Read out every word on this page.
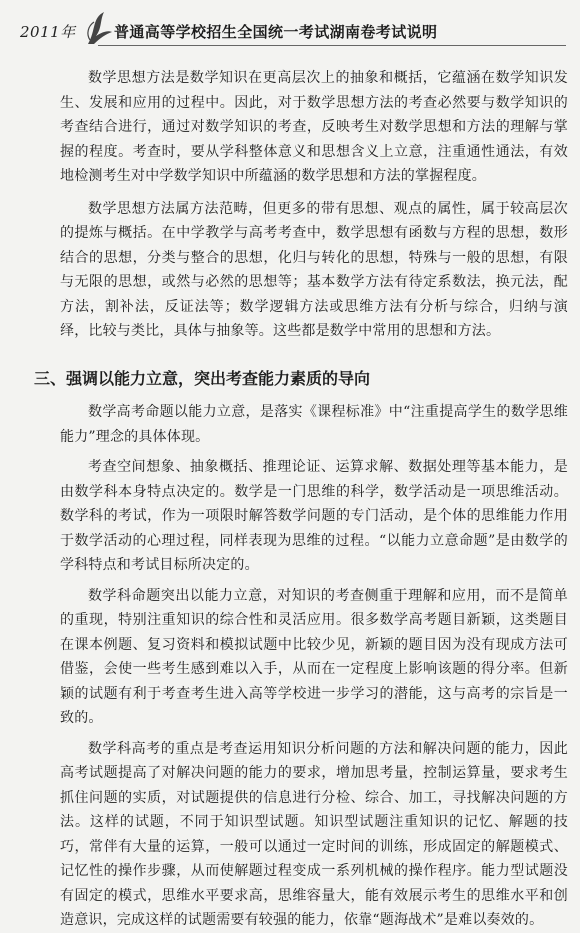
2011年	普通高等学校招生全国统一考试湖南卷考试说明

数学思想方法是数学知识在更高层次上的抽象和概括，它蕴涵在数学知识发生、发展和应用的过程中。因此，对于数学思想方法的考查必然要与数学知识的考查结合进行，通过对数学知识的考查，反映考生对数学思想和方法的理解与掌握的程度。考查时，要从学科整体意义和思想含义上立意，注重通性通法，有效地检测考生对中学数学知识中所蕴涵的数学思想和方法的掌握程度。

数学思想方法属方法范畴，但更多的带有思想、观点的属性，属于较高层次的提炼与概括。在中学教学与高考考查中，数学思想有函数与方程的思想，数形结合的思想，分类与整合的思想，化归与转化的思想，特殊与一般的思想，有限与无限的思想，或然与必然的思想等；基本数学方法有待定系数法，换元法，配方法，割补法，反证法等；数学逻辑方法或思维方法有分析与综合，归纳与演绎，比较与类比，具体与抽象等。这些都是数学中常用的思想和方法。

三、强调以能力立意，突出考查能力素质的导向

数学高考命题以能力立意，是落实《课程标准》中“注重提高学生的数学思维能力”理念的具体体现。

考查空间想象、抽象概括、推理论证、运算求解、数据处理等基本能力，是由数学科本身特点决定的。数学是一门思维的科学，数学活动是一项思维活动。数学科的考试，作为一项限时解答数学问题的专门活动，是个体的思维能力作用于数学活动的心理过程，同样表现为思维的过程。“以能力立意命题”是由数学的学科特点和考试目标所决定的。

数学科命题突出以能力立意，对知识的考查侧重于理解和应用，而不是简单的重现，特别注重知识的综合性和灵活应用。很多数学高考题目新颖，这类题目在课本例题、复习资料和模拟试题中比较少见，新颖的题目因为没有现成方法可借鉴，会使一些考生感到难以入手，从而在一定程度上影响该题的得分率。但新颖的试题有利于考查考生进入高等学校进一步学习的潜能，这与高考的宗旨是一致的。

数学科高考的重点是考查运用知识分析问题的方法和解决问题的能力，因此高考试题提高了对解决问题的能力的要求，增加思考量，控制运算量，要求考生抓住问题的实质，对试题提供的信息进行分检、综合、加工，寻找解决问题的方法。这样的试题，不同于知识型试题。知识型试题注重知识的记忆、解题的技巧，常伴有大量的运算，一般可以通过一定时间的训练，形成固定的解题模式、记忆性的操作步骤，从而使解题过程变成一系列机械的操作程序。能力型试题没有固定的模式，思维水平要求高，思维容量大，能有效展示考生的思维水平和创造意识，完成这样的试题需要有较强的能力，依靠“题海战术”是难以奏效的。
